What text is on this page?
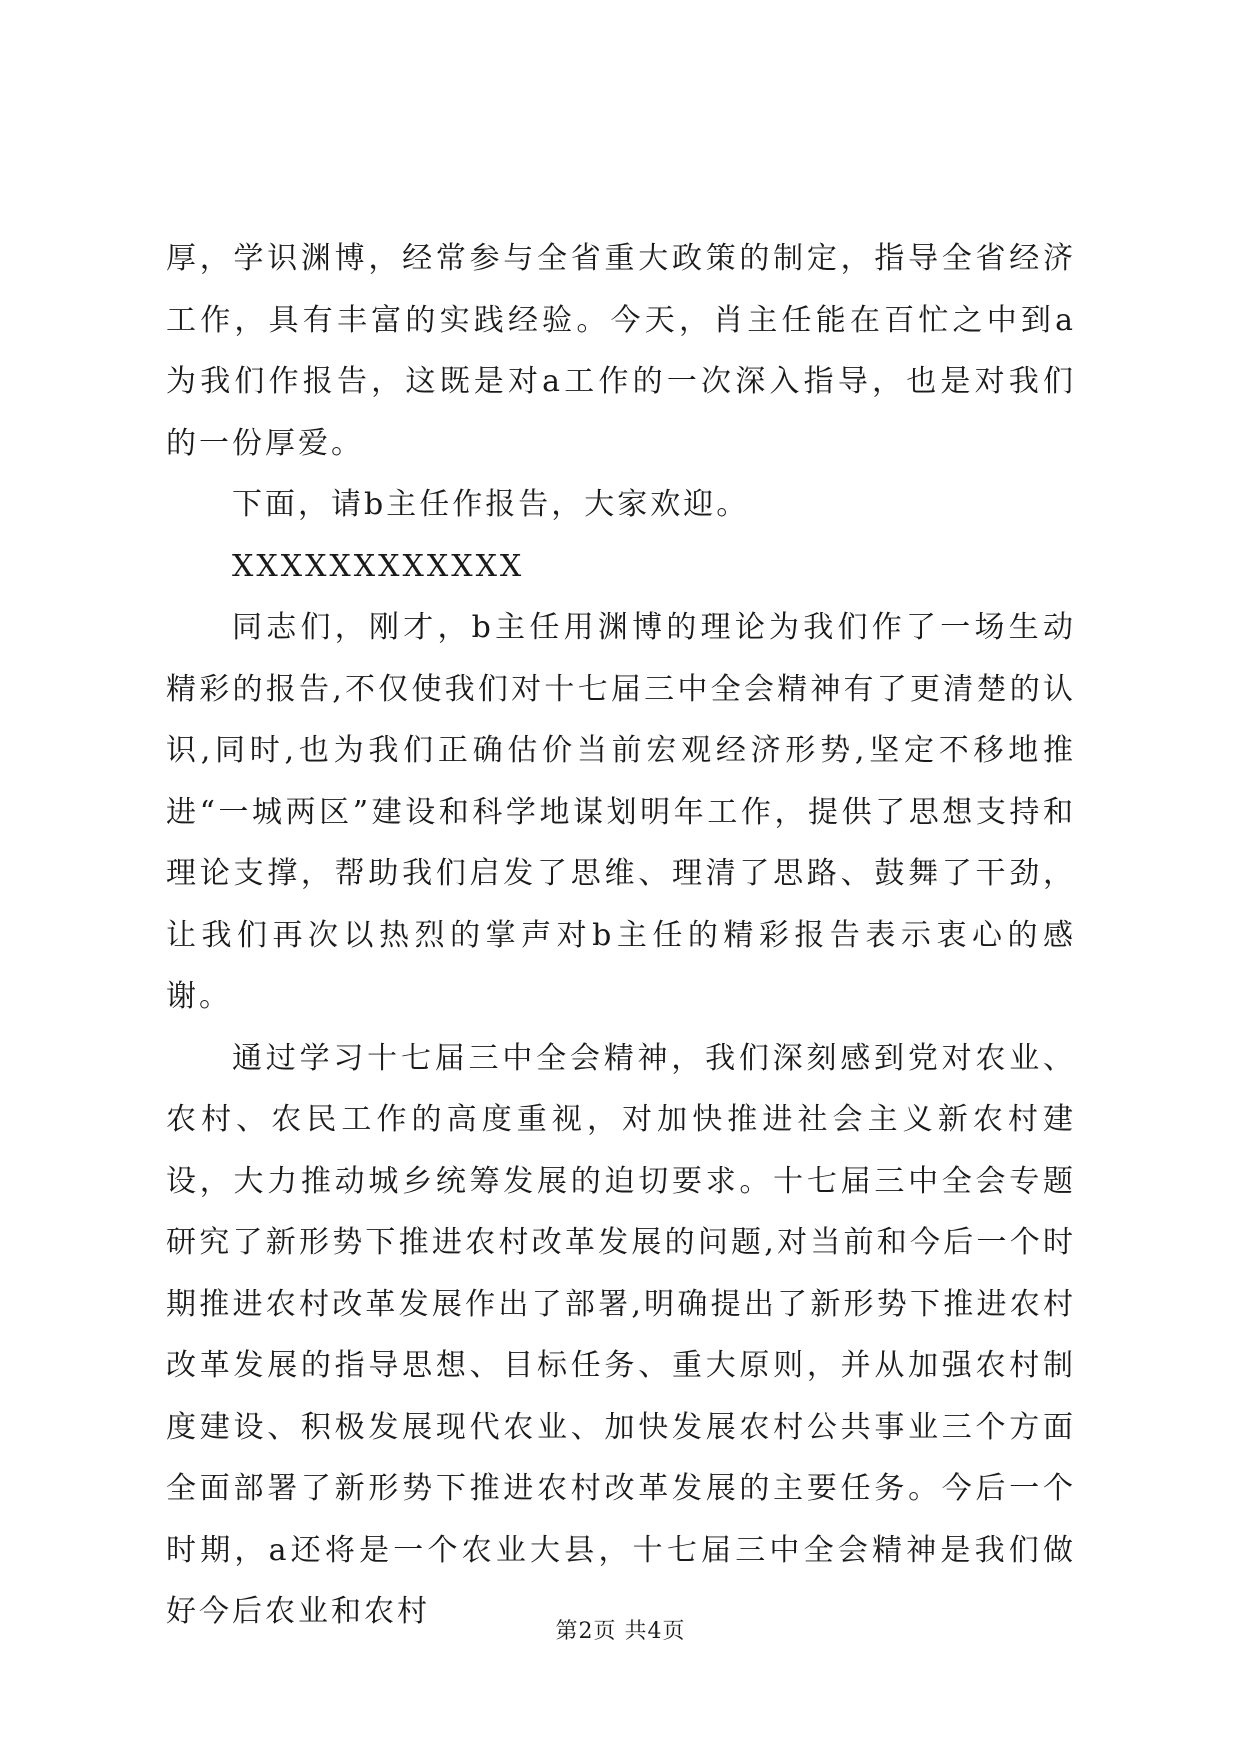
厚，学识渊博，经常参与全省重大政策的制定，指导全省经济工作，具有丰富的实践经验。今天，肖主任能在百忙之中到a为我们作报告，这既是对a工作的一次深入指导，也是对我们的一份厚爱。

下面，请b主任作报告，大家欢迎。

XXXXXXXXXXXX

同志们，刚才，b主任用渊博的理论为我们作了一场生动精彩的报告,不仅使我们对十七届三中全会精神有了更清楚的认识,同时,也为我们正确估价当前宏观经济形势,坚定不移地推进“一城两区”建设和科学地谋划明年工作，提供了思想支持和理论支撑，帮助我们启发了思维、理清了思路、鼓舞了干劲，让我们再次以热烈的掌声对b主任的精彩报告表示衷心的感谢。

通过学习十七届三中全会精神，我们深刻感到党对农业、农村、农民工作的高度重视，对加快推进社会主义新农村建设，大力推动城乡统筹发展的迫切要求。十七届三中全会专题研究了新形势下推进农村改革发展的问题,对当前和今后一个时期推进农村改革发展作出了部署,明确提出了新形势下推进农村改革发展的指导思想、目标任务、重大原则，并从加强农村制度建设、积极发展现代农业、加快发展农村公共事业三个方面全面部署了新形势下推进农村改革发展的主要任务。今后一个时期，a还将是一个农业大县，十七届三中全会精神是我们做好今后农业和农村

第2页 共4页
